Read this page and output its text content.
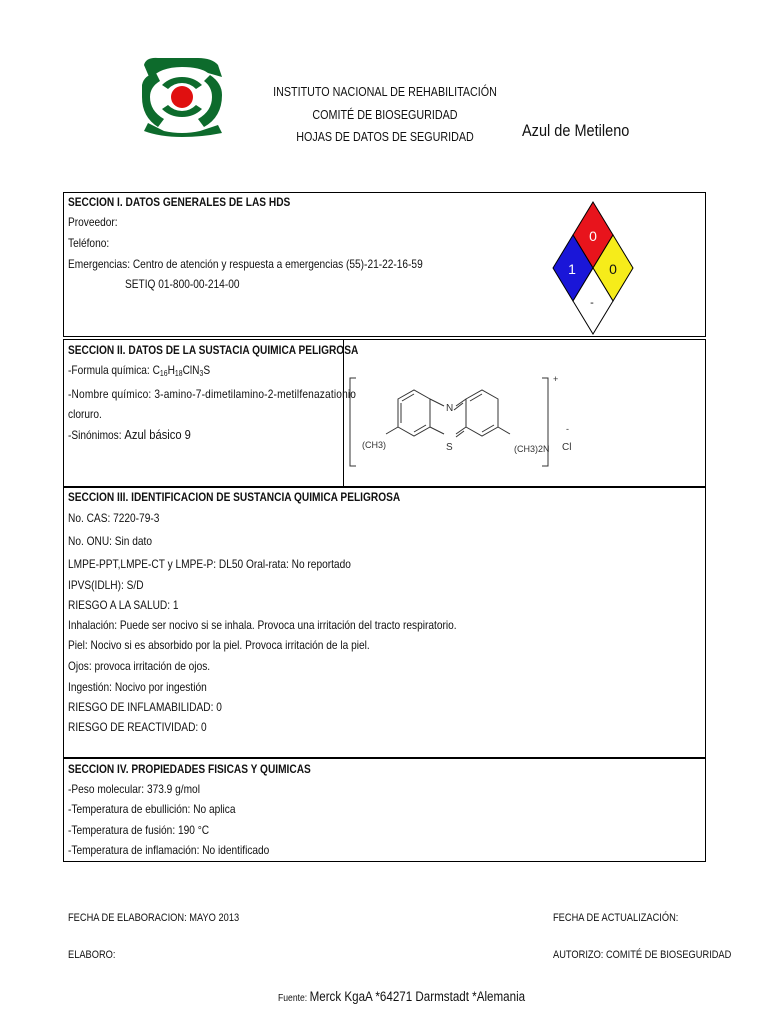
INSTITUTO NACIONAL DE REHABILITACIÓN
COMITÉ DE BIOSEGURIDAD
HOJAS DE DATOS DE SEGURIDAD	Azul de Metileno
SECCION I. DATOS GENERALES DE LAS HDS
Proveedor:
Teléfono:
Emergencias: Centro de atención y respuesta a emergencias (55)-21-22-16-59
SETIQ 01-800-00-214-00
0
1 0
-
SECCION II. DATOS DE LA SUSTACIA QUIMICA PELIGROSA
-Formula química: $C_{16}H_{18}ClN_3S$
-Nombre químico: 3-amino-7-dimetilamino-2-metilfenazationio
cloruro.
-Sinónimos: Azul básico 9
N
S
(CH3)	(CH3)2N
+
-
Cl
SECCION III. IDENTIFICACION DE SUSTANCIA QUIMICA PELIGROSA
No. CAS: 7220-79-3
No. ONU: Sin dato
LMPE-PPT,LMPE-CT y LMPE-P: DL50 Oral-rata: No reportado
IPVS(IDLH): S/D
RIESGO A LA SALUD: 1
Inhalación: Puede ser nocivo si se inhala. Provoca una irritación del tracto respiratorio.
Piel: Nocivo si es absorbido por la piel. Provoca irritación de la piel.
Ojos: provoca irritación de ojos.
Ingestión: Nocivo por ingestión
RIESGO DE INFLAMABILIDAD: 0
RIESGO DE REACTIVIDAD: 0
SECCION IV. PROPIEDADES FISICAS Y QUIMICAS
-Peso molecular: 373.9 g/mol
-Temperatura de ebullición: No aplica
-Temperatura de fusión: 190 °C
-Temperatura de inflamación: No identificado
FECHA DE ELABORACION: MAYO 2013	FECHA DE ACTUALIZACIÓN:
ELABORO:	AUTORIZO: COMITÉ DE BIOSEGURIDAD
Fuente: Merck KgaA *64271 Darmstadt *Alemania
